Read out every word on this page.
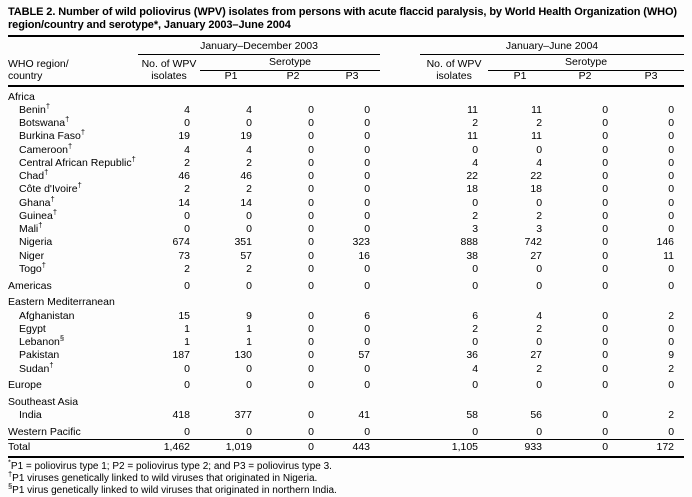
TABLE 2. Number of wild poliovirus (WPV) isolates from persons with acute flaccid paralysis, by World Health Organization (WHO) region/country and serotype*, January 2003–June 2004
	January–December 2003					January–June 2004			
WHO region/	No. of WPV	Serotype				No. of WPV	Serotype		
country	isolates	P1	P2	P3		isolates	P1	P2	P3
Africa									
Benin†	4	4	0	0		11	11	0	0
Botswana†	0	0	0	0		2	2	0	0
Burkina Faso†	19	19	0	0		11	11	0	0
Cameroon†	4	4	0	0		0	0	0	0
Central African Republic†	2	2	0	0		4	4	0	0
Chad†	46	46	0	0		22	22	0	0
Côte d'Ivoire†	2	2	0	0		18	18	0	0
Ghana†	14	14	0	0		0	0	0	0
Guinea†	0	0	0	0		2	2	0	0
Mali†	0	0	0	0		3	3	0	0
Nigeria	674	351	0	323		888	742	0	146
Niger	73	57	0	16		38	27	0	11
Togo†	2	2	0	0		0	0	0	0
Americas	0	0	0	0		0	0	0	0
Eastern Mediterranean									
Afghanistan	15	9	0	6		6	4	0	2
Egypt	1	1	0	0		2	2	0	0
Lebanon§	1	1	0	0		0	0	0	0
Pakistan	187	130	0	57		36	27	0	9
Sudan†	0	0	0	0		4	2	0	2
Europe	0	0	0	0		0	0	0	0
Southeast Asia									
India	418	377	0	41		58	56	0	2
Western Pacific	0	0	0	0		0	0	0	0
Total	1,462	1,019	0	443		1,105	933	0	172
*P1 = poliovirus type 1; P2 = poliovirus type 2; and P3 = poliovirus type 3.
†P1 viruses genetically linked to wild viruses that originated in Nigeria.
§P1 virus genetically linked to wild viruses that originated in northern India.
